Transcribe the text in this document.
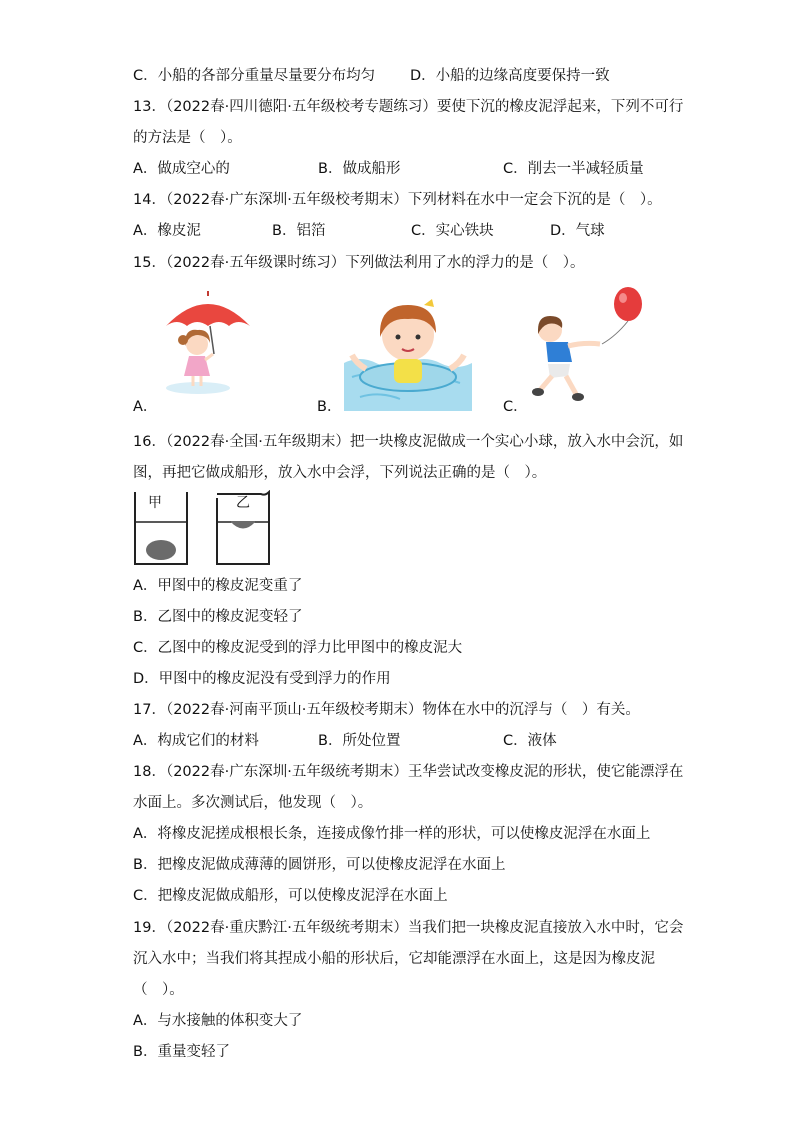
C．小船的各部分重量尽量要分布均匀 D．小船的边缘高度要保持一致
13．（2022春·四川德阳·五年级校考专题练习）要使下沉的橡皮泥浮起来，下列不可行
的方法是（　）。
A．做成空心的	B．做成船形	C．削去一半减轻质量
14．（2022春·广东深圳·五年级校考期末）下列材料在水中一定会下沉的是（　）。
A．橡皮泥	B．铝箔	C．实心铁块	D．气球
15．（2022春·五年级课时练习）下列做法利用了水的浮力的是（　）。
A．	B．	C．
16．（2022春·全国·五年级期末）把一块橡皮泥做成一个实心小球，放入水中会沉，如
图，再把它做成船形，放入水中会浮，下列说法正确的是（　）。
甲	乙
A．甲图中的橡皮泥变重了
B．乙图中的橡皮泥变轻了
C．乙图中的橡皮泥受到的浮力比甲图中的橡皮泥大
D．甲图中的橡皮泥没有受到浮力的作用
17．（2022春·河南平顶山·五年级校考期末）物体在水中的沉浮与（　）有关。
A．构成它们的材料	B．所处位置	C．液体
18．（2022春·广东深圳·五年级统考期末）王华尝试改变橡皮泥的形状，使它能漂浮在
水面上。多次测试后，他发现（　）。
A．将橡皮泥搓成根根长条，连接成像竹排一样的形状，可以使橡皮泥浮在水面上
B．把橡皮泥做成薄薄的圆饼形，可以使橡皮泥浮在水面上
C．把橡皮泥做成船形，可以使橡皮泥浮在水面上
19．（2022春·重庆黔江·五年级统考期末）当我们把一块橡皮泥直接放入水中时，它会
沉入水中；当我们将其捏成小船的形状后，它却能漂浮在水面上，这是因为橡皮泥
（　）。
A．与水接触的体积变大了
B．重量变轻了
